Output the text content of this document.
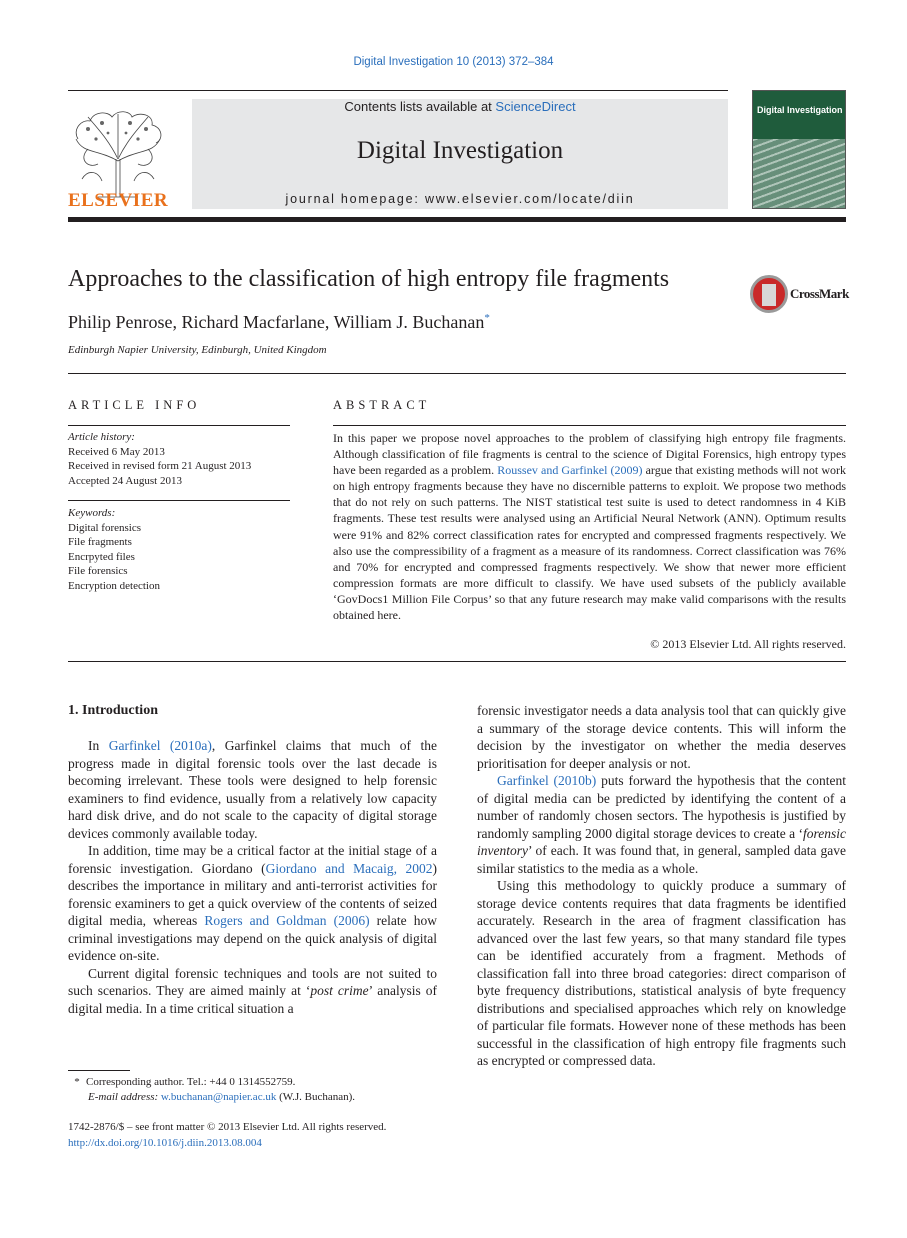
Digital Investigation 10 (2013) 372–384
ELSEVIER
Contents lists available at ScienceDirect
Digital Investigation
journal homepage: www.elsevier.com/locate/diin
Digital Investigation
Approaches to the classification of high entropy file fragments
CrossMark
Philip Penrose, Richard Macfarlane, William J. Buchanan*
Edinburgh Napier University, Edinburgh, United Kingdom
ARTICLE INFO
Article history:
Received 6 May 2013
Received in revised form 21 August 2013
Accepted 24 August 2013
Keywords:
Digital forensics
File fragments
Encrpyted files
File forensics
Encryption detection
ABSTRACT
In this paper we propose novel approaches to the problem of classifying high entropy file fragments. Although classification of file fragments is central to the science of Digital Forensics, high entropy types have been regarded as a problem. Roussev and Garfinkel (2009) argue that existing methods will not work on high entropy fragments because they have no discernible patterns to exploit. We propose two methods that do not rely on such patterns. The NIST statistical test suite is used to detect randomness in 4 KiB fragments. These test results were analysed using an Artificial Neural Network (ANN). Optimum results were 91% and 82% correct classification rates for encrypted and compressed fragments respectively. We also use the compressibility of a fragment as a measure of its randomness. Correct classification was 76% and 70% for encrypted and compressed fragments respectively. We show that newer more efficient compression formats are more difficult to classify. We have used subsets of the publicly available ‘GovDocs1 Million File Corpus’ so that any future research may make valid comparisons with the results obtained here.
© 2013 Elsevier Ltd. All rights reserved.
1. Introduction

In Garfinkel (2010a), Garfinkel claims that much of the progress made in digital forensic tools over the last decade is becoming irrelevant. These tools were designed to help forensic examiners to find evidence, usually from a relatively low capacity hard disk drive, and do not scale to the capacity of digital storage devices commonly available today.

In addition, time may be a critical factor at the initial stage of a forensic investigation. Giordano (Giordano and Macaig, 2002) describes the importance in military and anti-terrorist activities for forensic examiners to get a quick overview of the contents of seized digital media, whereas Rogers and Goldman (2006) relate how criminal investigations may depend on the quick analysis of digital evidence on-site.

Current digital forensic techniques and tools are not suited to such scenarios. They are aimed mainly at ‘post crime’ analysis of digital media. In a time critical situation a

forensic investigator needs a data analysis tool that can quickly give a summary of the storage device contents. This will inform the decision by the investigator on whether the media deserves prioritisation for deeper analysis or not.

Garfinkel (2010b) puts forward the hypothesis that the content of digital media can be predicted by identifying the content of a number of randomly chosen sectors. The hypothesis is justified by randomly sampling 2000 digital storage devices to create a ‘forensic inventory’ of each. It was found that, in general, sampled data gave similar statistics to the media as a whole.

Using this methodology to quickly produce a summary of storage device contents requires that data fragments be identified accurately. Research in the area of fragment classification has advanced over the last few years, so that many standard file types can be identified accurately from a fragment. Methods of classification fall into three broad categories: direct comparison of byte frequency distributions, statistical analysis of byte frequency distributions and specialised approaches which rely on knowledge of particular file formats. However none of these methods has been successful in the classification of high entropy file fragments such as encrypted or compressed data.

* Corresponding author. Tel.: +44 0 1314552759.
E-mail address: w.buchanan@napier.ac.uk (W.J. Buchanan).
1742-2876/$ – see front matter © 2013 Elsevier Ltd. All rights reserved.
http://dx.doi.org/10.1016/j.diin.2013.08.004
